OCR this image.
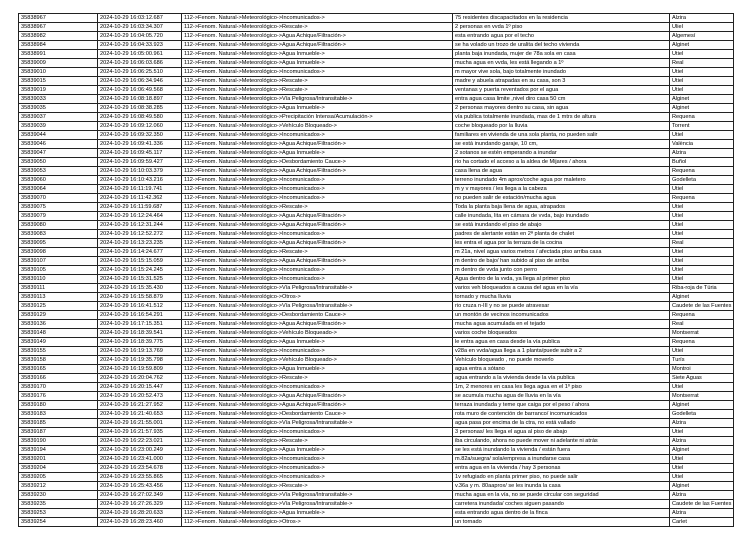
35838967	2024-10-29 16:03:12.687	112->Fenom. Natural->Meteorológico->Incomunicados->	75 residentes discapacitados en la residencia	Alzira
35838967	2024-10-29 16:03:34.307	112->Fenom. Natural->Meteorológico->Rescate->	2 personas en vvda 1º piso	Uliel
35838982	2024-10-29 16:04:05.720	112->Fenom. Natural->Meteorológico->Agua Achique/Filtración->	esta entrando agua por el techo	Algemesí
35838984	2024-10-29 16:04:33.923	112->Fenom. Natural->Meteorológico->Agua Achique/Filtración->	se ha volado un trozo de uralita del techo vivienda	Alginet
35838991	2024-10-29 16:05:00.961	112->Fenom. Natural->Meteorológico->Agua Inmueble->	planta baja inundada, mujer de 78a sola en casa	Utiel
35839009	2024-10-29 16:06:03.686	112->Fenom. Natural->Meteorológico->Agua Inmueble->	mucha agua en vvda, les está llegando a 1º	Real
35839010	2024-10-29 16:06:25.510	112->Fenom. Natural->Meteorológico->Incomunicados->	m mayor vive sola, bajo totalmente inundado	Utiel
35839015	2024-10-29 16:06:34.946	112->Fenom. Natural->Meteorológico->Rescate->	madre y abuela atrapadas en su casa, son 3	Utiel
35839019	2024-10-29 16:06:49.568	112->Fenom. Natural->Meteorológico->Rescate->	ventanas y puerta reventados por el agua	Utiel
35839033	2024-10-29 16:08:18.897	112->Fenom. Natural->Meteorológico->Vía Peligrosa/Intransitable->	entra agua casa limite ,nivel diro casa 50 cm	Alginet
35839035	2024-10-29 16:08:38.285	112->Fenom. Natural->Meteorológico->Agua Inmueble->	2 personas mayores dentro su casa, sin agua	Alginet
35839037	2024-10-29 16:08:49.580	112->Fenom. Natural->Meteorológico->Precipitación Intensa/Acumulación->	vía publica totalmente inundada, mas de 1 mtrs de altura	Requena
35839039	2024-10-29 16:09:12.060	112->Fenom. Natural->Meteorológico->Vehículo Bloqueado->	coche bloqueado por la lluvia	Torrent
35839044	2024-10-29 16:09:32.350	112->Fenom. Natural->Meteorológico->Incomunicados->	familiares en vivienda de una sola planta, no pueden salir	Utiel
35839046	2024-10-29 16:09:41.336	112->Fenom. Natural->Meteorológico->Agua Achique/Filtración->	se está inundando garaje, 10 cm,	València
35839047	2024-10-29 16:09:45.117	112->Fenom. Natural->Meteorológico->Agua Inmueble->	2 sotanos se estén emperando a inundar	Alzira
35839050	2024-10-29 16:09:59.427	112->Fenom. Natural->Meteorológico->Desbordamiento Cauce->	rio ha cortado el acceso a la aldea de Mijares / ahora	Buñol
35839053	2024-10-29 16:10:03.379	112->Fenom. Natural->Meteorológico->Agua Achique/Filtración->	casa llena de agua	Requena
35839060	2024-10-29 16:10:43.216	112->Fenom. Natural->Meteorológico->Incomunicados->	terreno inundado 4m aprox/coche agua por maletero	Godelleta
35839064	2024-10-29 16:11:19.741	112->Fenom. Natural->Meteorológico->Incomunicados->	m y v mayores / les llega a la cabeza	Utiel
35839070	2024-10-29 16:11:42.362	112->Fenom. Natural->Meteorológico->Incomunicados->	no pueden salir de estación/mucha agua	Requena
35839075	2024-10-29 16:11:59.687	112->Fenom. Natural->Meteorológico->Rescate->	Toda la planta baja llena de agua, atrapados	Utiel
35839079	2024-10-29 16:12:24.464	112->Fenom. Natural->Meteorológico->Agua Achique/Filtración->	calle inundada, lita en cámara de vvda, bajo inundado	Utiel
35839080	2024-10-29 16:12:31.244	112->Fenom. Natural->Meteorológico->Agua Achique/Filtración->	se está inundando el piso de abajo	Utiel
35839083	2024-10-29 16:12:52.272	112->Fenom. Natural->Meteorológico->Incomunicados->	padres de alertante están en 2ª planta de chalet	Utiel
35839095	2024-10-29 16:13:23.235	112->Fenom. Natural->Meteorológico->Agua Achique/Filtración->	les entra el agua por la terraza de la cocina	Real
35839098	2024-10-29 16:14:24.677	112->Fenom. Natural->Meteorológico->Rescate->	m 21a, nivel agua varios metros / afectada piso arriba casa	Utiel
35839107	2024-10-29 16:15:15.059	112->Fenom. Natural->Meteorológico->Agua Achique/Filtración->	m dentro de bajo/ han subido al piso de arriba	Utiel
35839105	2024-10-29 16:15:24.245	112->Fenom. Natural->Meteorológico->Incomunicados->	m dentro de vvda junto con perro	Utiel
35839110	2024-10-29 16:15:31.525	112->Fenom. Natural->Meteorológico->Incomunicados->	Agua dentro de la vvda, ya llega al primer piso	Utiel
35839111	2024-10-29 16:15:35.430	112->Fenom. Natural->Meteorológico->Vía Peligrosa/Intransitable->	varios veh bloqueados a causa del agua en la vía	Riba-roja de Túria
35839113	2024-10-29 16:15:58.879	112->Fenom. Natural->Meteorológico->Otros->	tornado y mucha lluvia	Alginet
35839125	2024-10-29 16:16:41.512	112->Fenom. Natural->Meteorológico->Vía Peligrosa/Intransitable->	rio cruza n-III y no se puede atravesar	Caudete de las Fuentes
35839129	2024-10-29 16:16:54.291	112->Fenom. Natural->Meteorológico->Desbordamiento Cauce->	un montón de vecinos incomunicados	Requena
35839136	2024-10-29 16:17:15.351	112->Fenom. Natural->Meteorológico->Agua Achique/Filtración->	mucha agua acumulada en el tejado	Real
35839148	2024-10-29 16:18:39.541	112->Fenom. Natural->Meteorológico->Vehículo Bloqueado->	varios coche bloqueados	Montserrat
35839149	2024-10-29 16:18:39.775	112->Fenom. Natural->Meteorológico->Agua Inmueble->	le entra agua en casa desde la vía publica	Requena
35839155	2024-10-29 16:19:13.769	112->Fenom. Natural->Meteorológico->Incomunicados->	v28a en vvda/agua llega a 1 planta/puede subir a 2	Utiel
35839158	2024-10-29 16:19:35.798	112->Fenom. Natural->Meteorológico->Vehículo Bloqueado->	Vehículo bloqueado , no puede moverlo	Turís
35839165	2024-10-29 16:19:59.809	112->Fenom. Natural->Meteorológico->Agua Inmueble->	agua entra a sótano	Montroi
35839166	2024-10-29 16:20:04.762	112->Fenom. Natural->Meteorológico->Rescate->	agua entrando a la vivienda desde la vía publica	Siete Aguas
35839170	2024-10-29 16:20:15.447	112->Fenom. Natural->Meteorológico->Incomunicados->	1m, 2 menores en casa les llega agua en el 1º piso	Utiel
35839176	2024-10-29 16:20:52.473	112->Fenom. Natural->Meteorológico->Agua Achique/Filtración->	se acumula mucha agua de lluvia en la vía	Montserrat
35839180	2024-10-29 16:21:27.952	112->Fenom. Natural->Meteorológico->Agua Achique/Filtración->	terraza inundada y teme que caiga por el peso / ahora	Alginet
35839183	2024-10-29 16:21:40.653	112->Fenom. Natural->Meteorológico->Desbordamiento Cauce->	rota muro de contención de barranco/ incomunicados	Godelleta
35839185	2024-10-29 16:21:55.001	112->Fenom. Natural->Meteorológico->Vía Peligrosa/Intransitable->	agua pasa por encima de la ctra, no está vallado	Alzira
35839187	2024-10-29 16:21:57.935	112->Fenom. Natural->Meteorológico->Incomunicados->	3 personas/ les llega el agua al piso de abajo	Utiel
35839190	2024-10-29 16:22:23.021	112->Fenom. Natural->Meteorológico->Rescate->	iba circulando, ahora no puede mover ni adelante ni atrás	Alzira
35839194	2024-10-29 16:23:00.249	112->Fenom. Natural->Meteorológico->Agua Inmueble->	se les está inundando la vivienda / están fuera	Alginet
35839201	2024-10-29 16:23:41.000	112->Fenom. Natural->Meteorológico->Incomunicados->	m.82a/suegra/ sola/empresa a inundarse casa	Utiel
35839204	2024-10-29 16:23:54.678	112->Fenom. Natural->Meteorológico->Incomunicados->	entra agua en la vivienda / hay 3 personas	Utiel
35839205	2024-10-29 16:23:55.865	112->Fenom. Natural->Meteorológico->Incomunicados->	1v refugiado en planta primer piso, no puede salir	Utiel
35839212	2024-10-29 16:25:43.456	112->Fenom. Natural->Meteorológico->Rescate->	v.36a y m. 80aaprox/ se les inunda la casa	Alginet
35839230	2024-10-29 16:27:02.349	112->Fenom. Natural->Meteorológico->Vía Peligrosa/Intransitable->	mucha agua en la vía, no se puede circular con seguridad	Alzira
35839235	2024-10-29 16:27:26.329	112->Fenom. Natural->Meteorológico->Vía Peligrosa/Intransitable->	carretera inundada/ coches siguen pasando	Caudete de las Fuentes
35839253	2024-10-29 16:28:20.633	112->Fenom. Natural->Meteorológico->Agua Inmueble->	esta entrando agua dentro de la finca	Alzira
35839254	2024-10-29 16:28:23.460	112->Fenom. Natural->Meteorológico->Otros->	un tornado	Carlet
